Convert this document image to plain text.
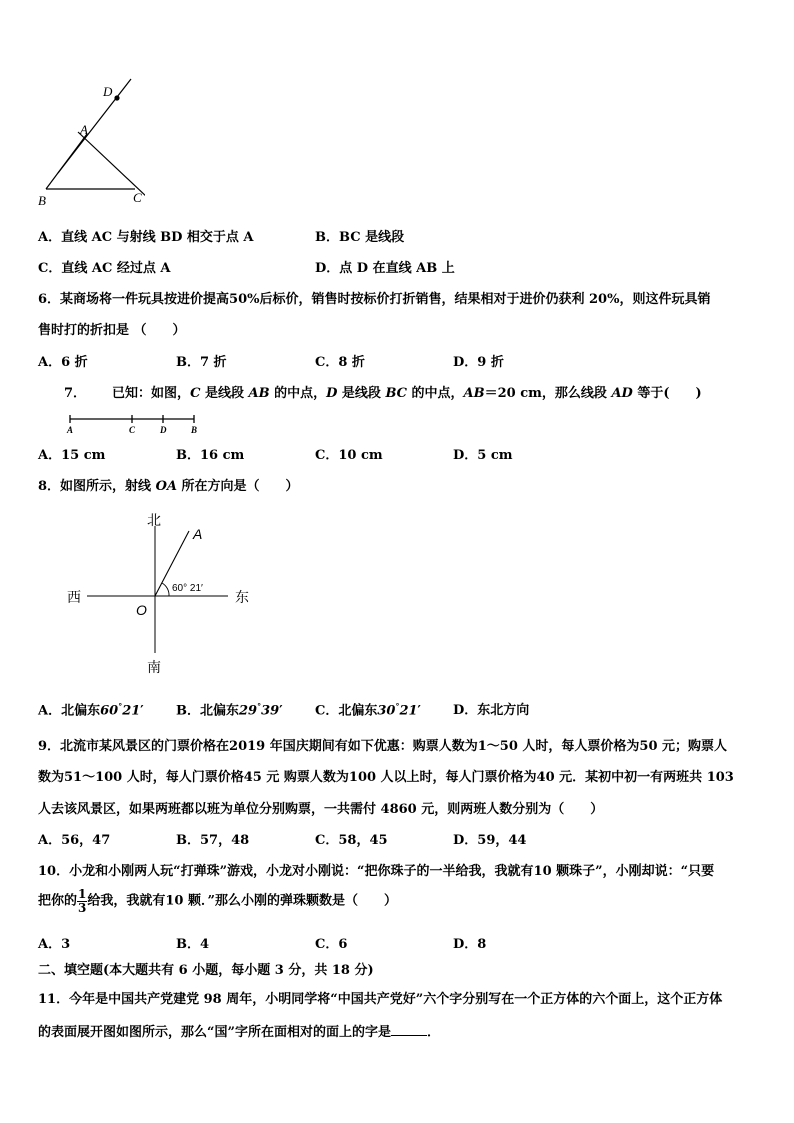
D
A
B	C
A．直线 AC 与射线 BD 相交于点 A	B．BC 是线段
C．直线 AC 经过点 A	D．点 D 在直线 AB 上
6．某商场将一件玩具按进价提高50%后标价，销售时按标价打折销售，结果相对于进价仍获利 20%，则这件玩具销
售时打的折扣是 （　　）
A．6 折	B．7 折	C．8 折	D．9 折
7． 已知：如图，C 是线段 AB 的中点，D 是线段 BC 的中点，AB＝20 cm，那么线段 AD 等于(　　)
A	C	D	B
A．15 cm	B．16 cm	C．10 cm	D．5 cm
8．如图所示，射线 OA 所在方向是（　　）
北
南
东
西
O
A
60° 21′
A．北偏东60°21′ B．北偏东29°39′ C．北偏东30°21′ D．东北方向
9．北流市某风景区的门票价格在2019 年国庆期间有如下优惠：购票人数为1～50 人时，每人票价格为50 元；购票人
数为51～100 人时，每人门票价格45 元 购票人数为100 人以上时，每人门票价格为40 元．某初中初一有两班共 103
人去该风景区，如果两班都以班为单位分别购票，一共需付 4860 元，则两班人数分别为（　　）
A．56，47	B．57，48	C．58，45	D．59，44
10．小龙和小刚两人玩“打弹珠”游戏，小龙对小刚说：“把你珠子的一半给我，我就有10 颗珠子”，小刚却说：“只要
把你的 $\frac{1}{3}$ 给我，我就有10 颗．”那么小刚的弹珠颗数是（　　）
A．3	B．4	C．6	D．8
二、填空题(本大题共有 6 小题，每小题 3 分，共 18 分)
11．今年是中国共产党建党 98 周年，小明同学将“中国共产党好”六个字分别写在一个正方体的六个面上，这个正方体
的表面展开图如图所示，那么“国”字所在面相对的面上的字是	．
